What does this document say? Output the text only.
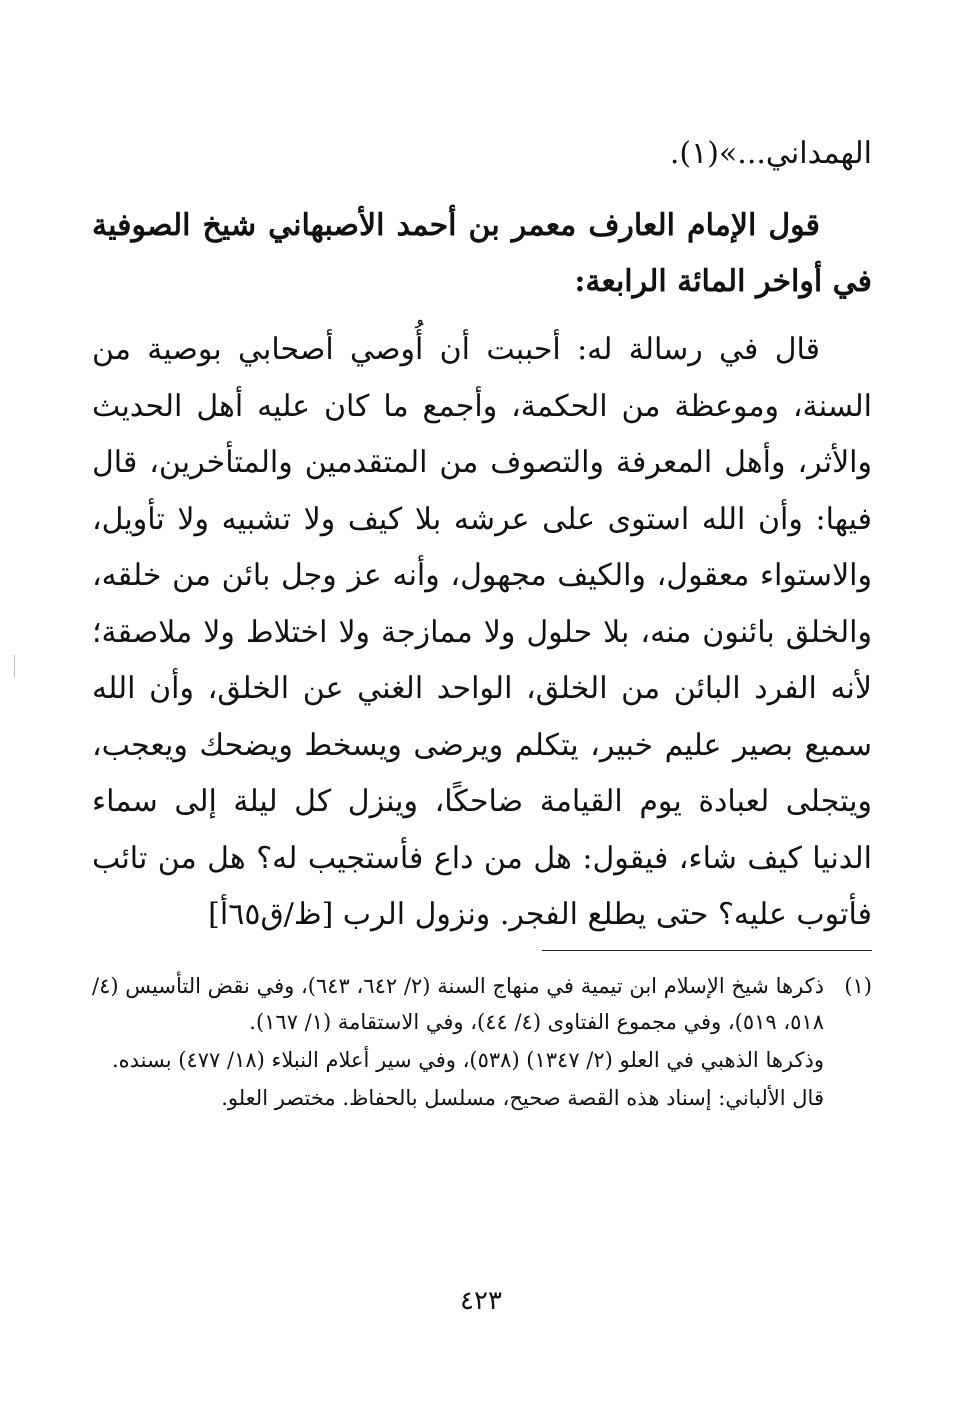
الهمداني...»(١).
قول الإمام العارف معمر بن أحمد الأصبهاني شيخ الصوفية في أواخر المائة الرابعة:
قال في رسالة له: أحببت أن أُوصي أصحابي بوصية من السنة، وموعظة من الحكمة، وأجمع ما كان عليه أهل الحديث والأثر، وأهل المعرفة والتصوف من المتقدمين والمتأخرين، قال فيها: وأن الله استوى على عرشه بلا كيف ولا تشبيه ولا تأويل، والاستواء معقول، والكيف مجهول، وأنه عز وجل بائن من خلقه، والخلق بائنون منه، بلا حلول ولا ممازجة ولا اختلاط ولا ملاصقة؛ لأنه الفرد البائن من الخلق، الواحد الغني عن الخلق، وأن الله سميع بصير عليم خبير، يتكلم ويرضى ويسخط ويضحك ويعجب، ويتجلى لعبادة يوم القيامة ضاحكًا، وينزل كل ليلة إلى سماء الدنيا كيف شاء، فيقول: هل من داع فأستجيب له؟ هل من تائب فأتوب عليه؟ حتى يطلع الفجر. ونزول الرب [ظ/ق٦٥أ]
(١)
ذكرها شيخ الإسلام ابن تيمية في منهاج السنة (٢/ ٦٤٢، ٦٤٣)، وفي نقض التأسيس (٤/ ٥١٨، ٥١٩)، وفي مجموع الفتاوى (٤/ ٤٤)، وفي الاستقامة (١/ ١٦٧).
وذكرها الذهبي في العلو (٢/ ١٣٤٧) (٥٣٨)، وفي سير أعلام النبلاء (١٨/ ٤٧٧) بسنده.
قال الألباني: إسناد هذه القصة صحيح، مسلسل بالحفاظ. مختصر العلو.
٤٢٣
